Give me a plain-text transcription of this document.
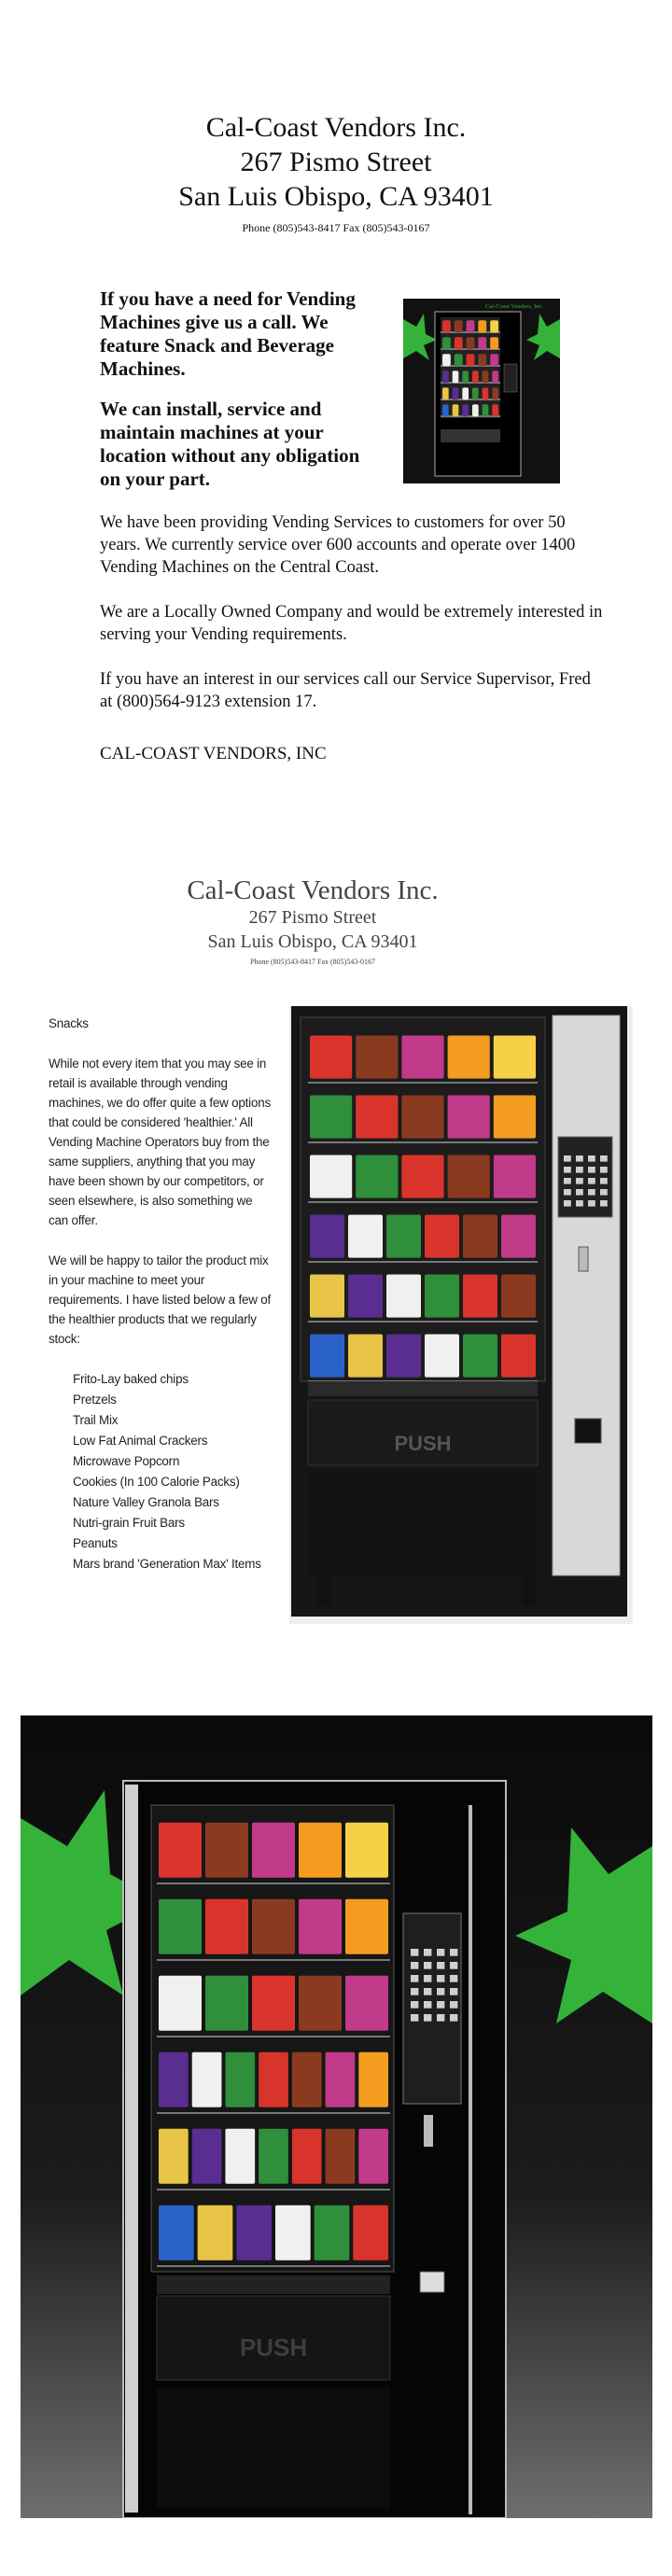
Cal-Coast Vendors Inc.
267 Pismo Street
San Luis Obispo, CA 93401
Phone (805)543-8417 Fax (805)543-0167

If you have a need for Vending Machines give us a call. We feature Snack and Beverage Machines.

We can install, service and maintain machines at your location without any obligation on your part.

Cal-Coast Vendors, Inc.

We have been providing Vending Services to customers for over 50 years. We currently service over 600 accounts and operate over 1400 Vending Machines on the Central Coast.

We are a Locally Owned Company and would be extremely interested in serving your Vending requirements.

If you have an interest in our services call our Service Supervisor, Fred at (800)564-9123 extension 17.

CAL-COAST VENDORS, INC
Cal-Coast Vendors Inc.
267 Pismo Street
San Luis Obispo, CA 93401
Phone (805)543-8417 Fax (805)543-0167
Snacks

While not every item that you may see in retail is available through vending machines, we do offer quite a few options that could be considered 'healthier.' All Vending Machine Operators buy from the same suppliers, anything that you may have been shown by our competitors, or seen elsewhere, is also something we can offer.

We will be happy to tailor the product mix in your machine to meet your requirements. I have listed below a few of the healthier products that we regularly stock:

Frito-Lay baked chips
Pretzels
Trail Mix
Low Fat Animal Crackers
Microwave Popcorn
Cookies (In 100 Calorie Packs)
Nature Valley Granola Bars
Nutri-grain Fruit Bars
Peanuts
Mars brand 'Generation Max' Items
PUSH
PUSH
